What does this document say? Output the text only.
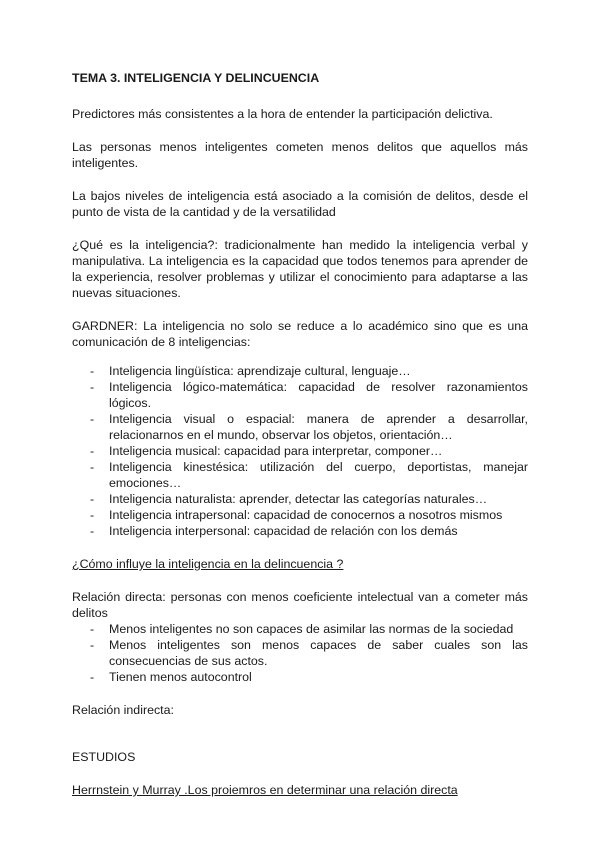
TEMA 3. INTELIGENCIA Y DELINCUENCIA

Predictores más consistentes a la hora de entender la participación delictiva.

Las personas menos inteligentes cometen menos delitos que aquellos más inteligentes.

La bajos niveles de inteligencia está asociado a la comisión de delitos, desde el punto de vista de la cantidad y de la versatilidad

¿Qué es la inteligencia?: tradicionalmente han medido la inteligencia verbal y manipulativa. La inteligencia es la capacidad que todos tenemos para aprender de la experiencia, resolver problemas y utilizar el conocimiento para adaptarse a las nuevas situaciones.

GARDNER: La inteligencia no solo se reduce a lo académico sino que es una comunicación de 8 inteligencias:

- Inteligencia lingüística: aprendizaje cultural, lenguaje…
- Inteligencia lógico-matemática: capacidad de resolver razonamientos lógicos.
- Inteligencia visual o espacial: manera de aprender a desarrollar, relacionarnos en el mundo, observar los objetos, orientación…
- Inteligencia musical: capacidad para interpretar, componer…
- Inteligencia kinestésica: utilización del cuerpo, deportistas, manejar emociones…
- Inteligencia naturalista: aprender, detectar las categorías naturales…
- Inteligencia intrapersonal: capacidad de conocernos a nosotros mismos
- Inteligencia interpersonal: capacidad de relación con los demás

¿Cómo influye la inteligencia en la delincuencia ?

Relación directa: personas con menos coeficiente intelectual van a cometer más delitos

- Menos inteligentes no son capaces de asimilar las normas de la sociedad
- Menos inteligentes son menos capaces de saber cuales son las consecuencias de sus actos.
- Tienen menos autocontrol

Relación indirecta:

ESTUDIOS

Herrnstein y Murray .Los proiemros en determinar una relación directa
